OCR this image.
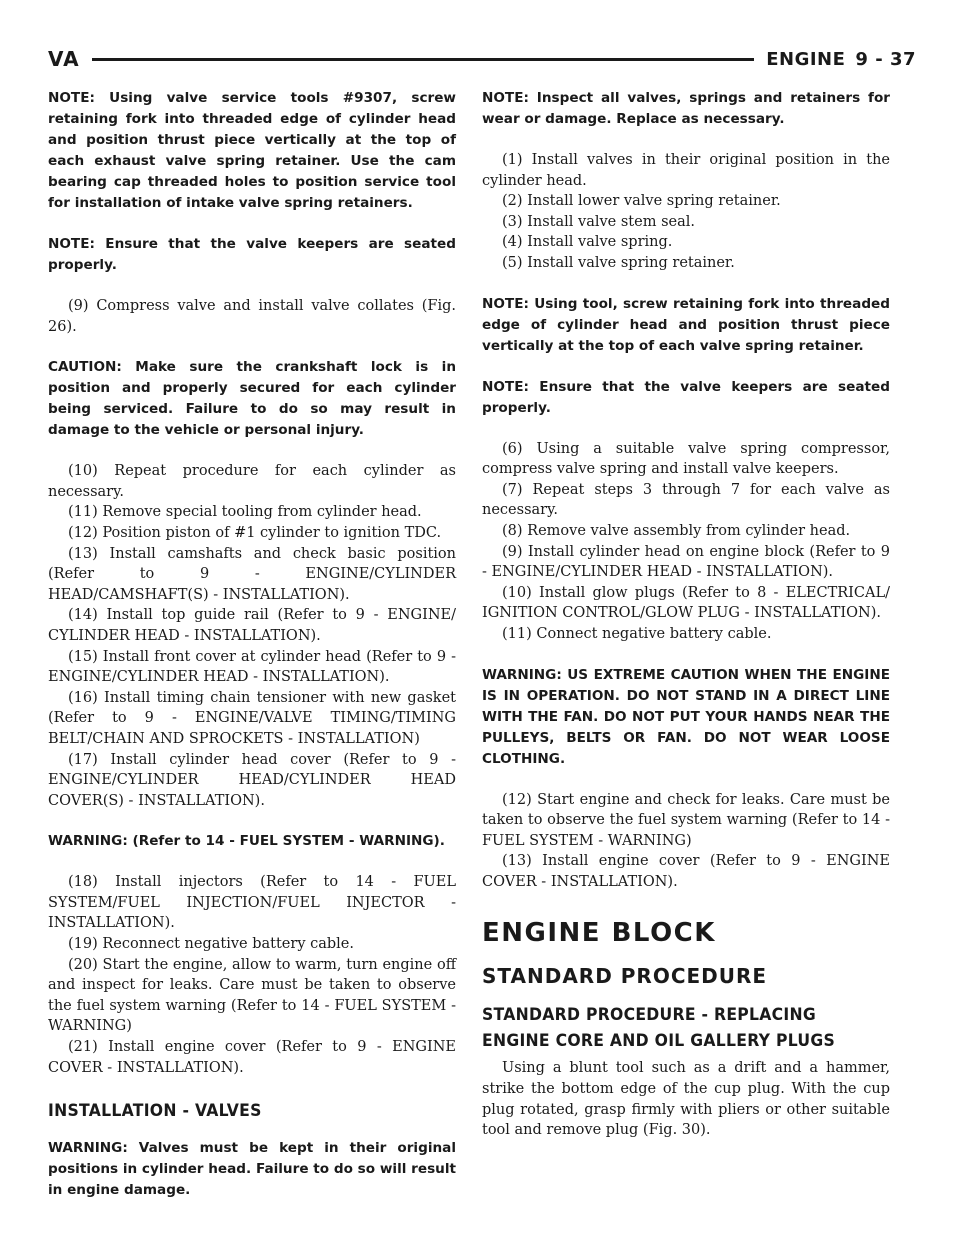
VA	ENGINE 9 - 37

NOTE: Using valve service tools #9307, screw retaining fork into threaded edge of cylinder head and position thrust piece vertically at the top of each exhaust valve spring retainer. Use the cam bearing cap threaded holes to position service tool for installation of intake valve spring retainers.

NOTE: Ensure that the valve keepers are seated properly.

(9) Compress valve and install valve collates (Fig. 26).

CAUTION: Make sure the crankshaft lock is in position and properly secured for each cylinder being serviced. Failure to do so may result in damage to the vehicle or personal injury.

(10) Repeat procedure for each cylinder as necessary.

(11) Remove special tooling from cylinder head.

(12) Position piston of #1 cylinder to ignition TDC.

(13) Install camshafts and check basic position (Refer to 9 - ENGINE/CYLINDER HEAD/CAMSHAFT(S) - INSTALLATION).

(14) Install top guide rail (Refer to 9 - ENGINE/ CYLINDER HEAD - INSTALLATION).

(15) Install front cover at cylinder head (Refer to 9 - ENGINE/CYLINDER HEAD - INSTALLATION).

(16) Install timing chain tensioner with new gasket (Refer to 9 - ENGINE/VALVE TIMING/TIMING BELT/CHAIN AND SPROCKETS - INSTALLATION)

(17) Install cylinder head cover (Refer to 9 - ENGINE/CYLINDER HEAD/CYLINDER HEAD COVER(S) - INSTALLATION).

WARNING: (Refer to 14 - FUEL SYSTEM - WARNING).

(18) Install injectors (Refer to 14 - FUEL SYSTEM/FUEL INJECTION/FUEL INJECTOR - INSTALLATION).

(19) Reconnect negative battery cable.

(20) Start the engine, allow to warm, turn engine off and inspect for leaks. Care must be taken to observe the fuel system warning (Refer to 14 - FUEL SYSTEM - WARNING)

(21) Install engine cover (Refer to 9 - ENGINE COVER - INSTALLATION).

INSTALLATION - VALVES

WARNING: Valves must be kept in their original positions in cylinder head. Failure to do so will result in engine damage.

NOTE: Inspect all valves, springs and retainers for wear or damage. Replace as necessary.

(1) Install valves in their original position in the cylinder head.

(2) Install lower valve spring retainer.

(3) Install valve stem seal.

(4) Install valve spring.

(5) Install valve spring retainer.

NOTE: Using tool, screw retaining fork into threaded edge of cylinder head and position thrust piece vertically at the top of each valve spring retainer.

NOTE: Ensure that the valve keepers are seated properly.

(6) Using a suitable valve spring compressor, compress valve spring and install valve keepers.

(7) Repeat steps 3 through 7 for each valve as necessary.

(8) Remove valve assembly from cylinder head.

(9) Install cylinder head on engine block (Refer to 9 - ENGINE/CYLINDER HEAD - INSTALLATION).

(10) Install glow plugs (Refer to 8 - ELECTRICAL/ IGNITION CONTROL/GLOW PLUG - INSTALLATION).

(11) Connect negative battery cable.

WARNING: US EXTREME CAUTION WHEN THE ENGINE IS IN OPERATION. DO NOT STAND IN A DIRECT LINE WITH THE FAN. DO NOT PUT YOUR HANDS NEAR THE PULLEYS, BELTS OR FAN. DO NOT WEAR LOOSE CLOTHING.

(12) Start engine and check for leaks. Care must be taken to observe the fuel system warning (Refer to 14 - FUEL SYSTEM - WARNING)

(13) Install engine cover (Refer to 9 - ENGINE COVER - INSTALLATION).

ENGINE BLOCK
STANDARD PROCEDURE
STANDARD PROCEDURE - REPLACING ENGINE CORE AND OIL GALLERY PLUGS

Using a blunt tool such as a drift and a hammer, strike the bottom edge of the cup plug. With the cup plug rotated, grasp firmly with pliers or other suitable tool and remove plug (Fig. 30).
